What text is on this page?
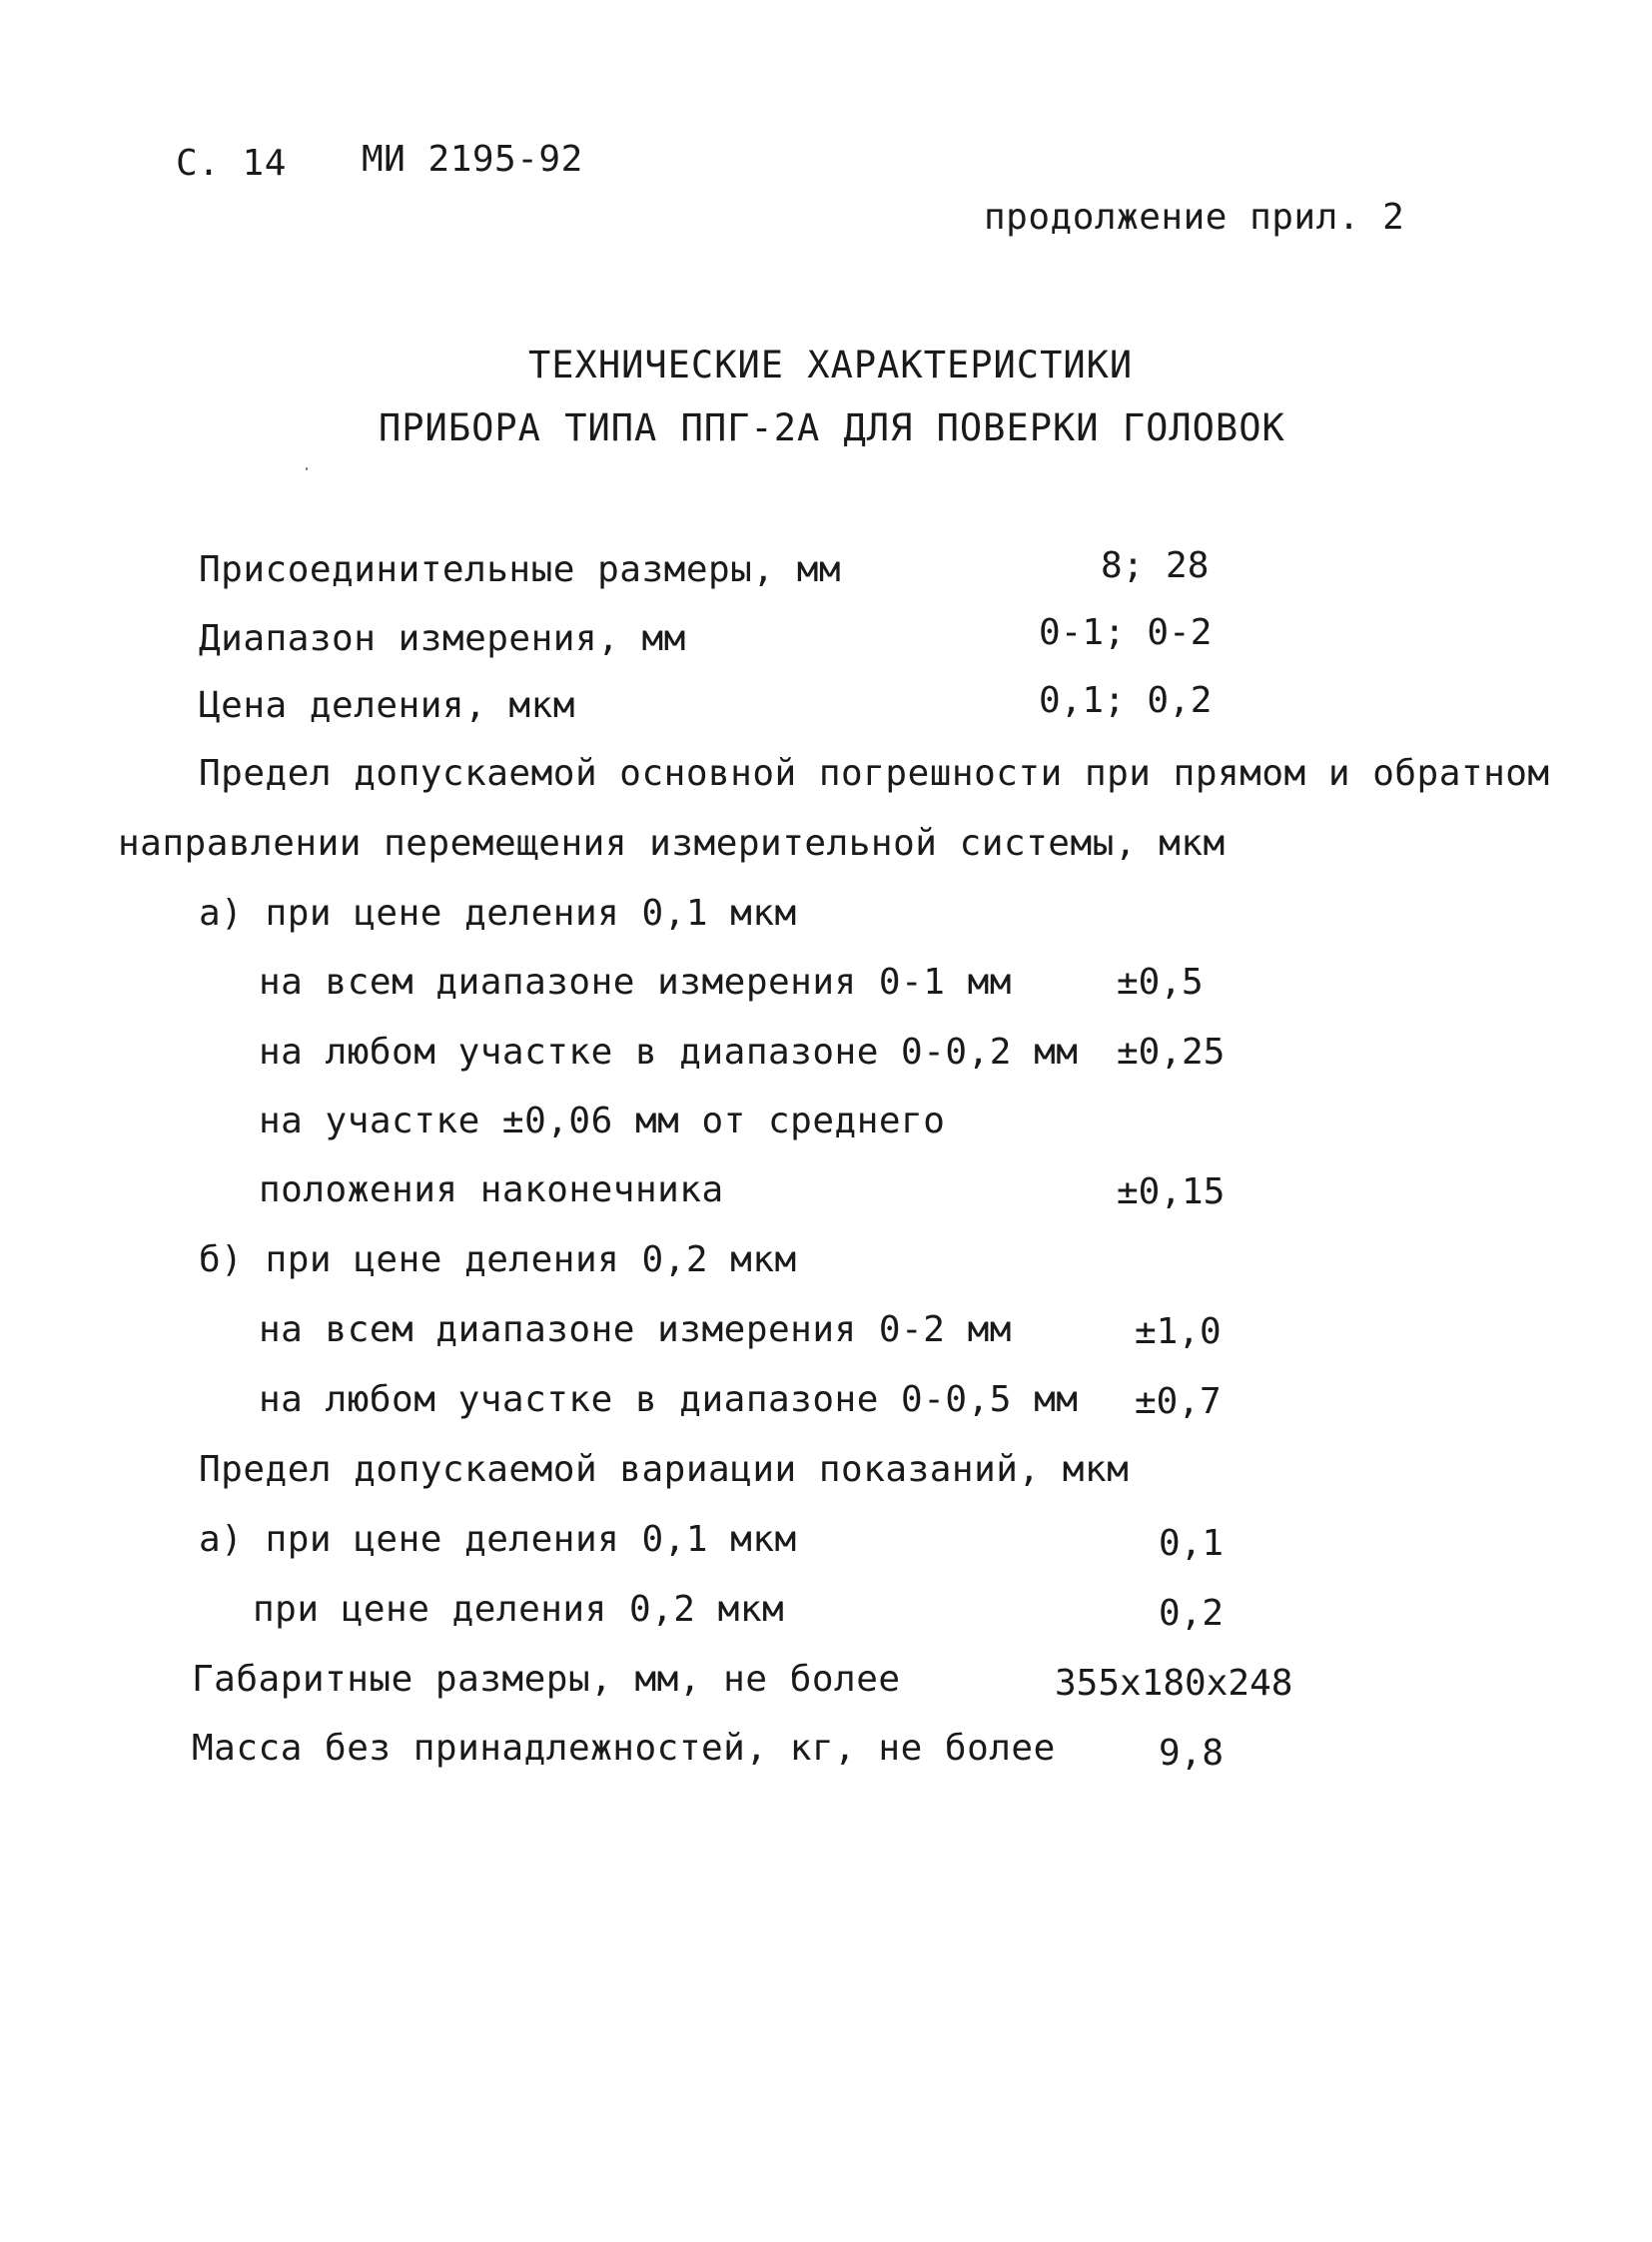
С. 14 МИ 2195-92
продолжение прил. 2
ТЕХНИЧЕСКИЕ ХАРАКТЕРИСТИКИ
ПРИБОРА ТИПА ППГ-2А ДЛЯ ПОВЕРКИ ГОЛОВОК
Присоединительные размеры, мм	8; 28
Диапазон измерения, мм	0-1; 0-2
Цена деления, мкм	0,1; 0,2
Предел допускаемой основной погрешности при прямом и обратном
направлении перемещения измерительной системы, мкм
а) при цене деления 0,1 мкм
на всем диапазоне измерения 0-1 мм	±0,5
на любом участке в диапазоне 0-0,2 мм ±0,25
на участке ±0,06 мм от среднего
положения наконечника	±0,15
б) при цене деления 0,2 мкм
на всем диапазоне измерения 0-2 мм	±1,0
на любом участке в диапазоне 0-0,5 мм ±0,7
Предел допускаемой вариации показаний, мкм
а) при цене деления 0,1 мкм	0,1
при цене деления 0,2 мкм	0,2
Габаритные размеры, мм, не более	355х180х248
Масса без принадлежностей, кг, не более	9,8
